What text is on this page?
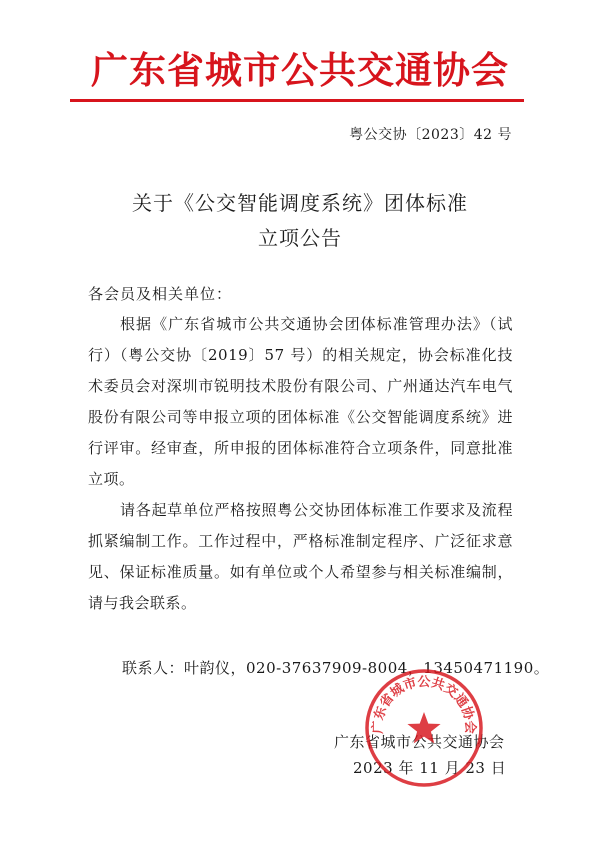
广东省城市公共交通协会
粤公交协〔2023〕42 号
关于《公交智能调度系统》团体标准
立项公告
各会员及相关单位：
根据《广东省城市公共交通协会团体标准管理办法》（试行）（粤公交协〔2019〕57 号）的相关规定，协会标准化技术委员会对深圳市锐明技术股份有限公司、广州通达汽车电气股份有限公司等申报立项的团体标准《公交智能调度系统》进行评审。经审查，所申报的团体标准符合立项条件，同意批准立项。
请各起草单位严格按照粤公交协团体标准工作要求及流程抓紧编制工作。工作过程中，严格标准制定程序、广泛征求意见、保证标准质量。如有单位或个人希望参与相关标准编制，请与我会联系。
联系人：叶韵仪，020-37637909-8004，13450471190。
广东省城市公共交通协会
2023 年 11 月 23 日
广东省城市公共交通协会
